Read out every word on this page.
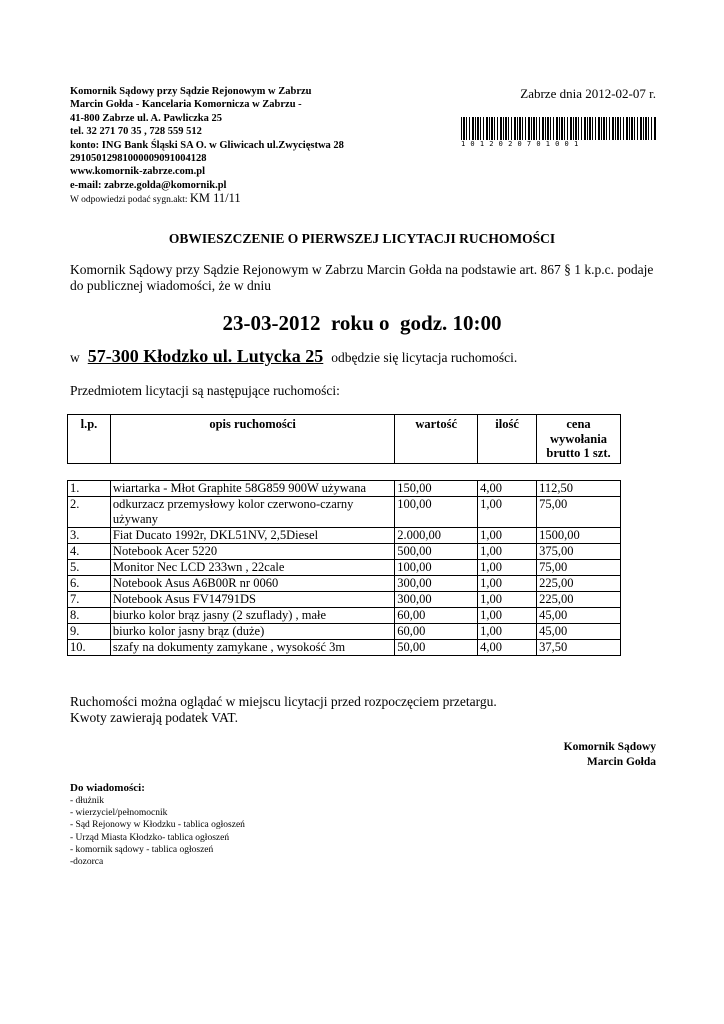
Komornik Sądowy przy Sądzie Rejonowym w Zabrzu
Marcin Gołda - Kancelaria Komornicza w Zabrzu -
41-800 Zabrze ul. A. Pawliczka 25
tel. 32 271 70 35 , 728 559 512
konto: ING Bank Śląski SA O. w Gliwicach ul.Zwycięstwa 28
29105012981000009091004128
www.komornik-zabrze.com.pl
e-mail: zabrze.golda@komornik.pl
W odpowiedzi podać sygn.akt: KM 11/11
Zabrze dnia 2012-02-07 r.
1012020701001
OBWIESZCZENIE O PIERWSZEJ LICYTACJI RUCHOMOŚCI
Komornik Sądowy przy Sądzie Rejonowym w Zabrzu Marcin Gołda na podstawie art. 867 § 1 k.p.c. podaje do publicznej wiadomości, że w dniu
23-03-2012  roku o  godz. 10:00
w 57-300 Kłodzko ul. Lutycka 25 odbędzie się licytacja ruchomości.
Przedmiotem licytacji są następujące ruchomości:
l.p.	opis ruchomości	wartość	ilość	cena
wywołania
brutto 1 szt.
1.	wiartarka - Młot Graphite 58G859 900W używana	150,00	4,00	112,50
2.	odkurzacz przemysłowy kolor czerwono-czarny używany	100,00	1,00	75,00
3.	Fiat Ducato 1992r, DKL51NV, 2,5Diesel	2.000,00	1,00	1500,00
4.	Notebook Acer 5220	500,00	1,00	375,00
5.	Monitor Nec LCD 233wn , 22cale	100,00	1,00	75,00
6.	Notebook Asus A6B00R nr 0060	300,00	1,00	225,00
7.	Notebook Asus FV14791DS	300,00	1,00	225,00
8.	biurko kolor brąz jasny (2 szuflady) , małe	60,00	1,00	45,00
9.	biurko kolor jasny brąz (duże)	60,00	1,00	45,00
10.	szafy na dokumenty zamykane , wysokość 3m	50,00	4,00	37,50
Ruchomości można oglądać w miejscu licytacji przed rozpoczęciem przetargu.
Kwoty zawierają podatek VAT.
Komornik Sądowy
Marcin Gołda
Do wiadomości:
- dłużnik
- wierzyciel/pełnomocnik
- Sąd Rejonowy w Kłodzku - tablica ogłoszeń
- Urząd Miasta Kłodzko- tablica ogłoszeń
- komornik sądowy - tablica ogłoszeń
-dozorca
